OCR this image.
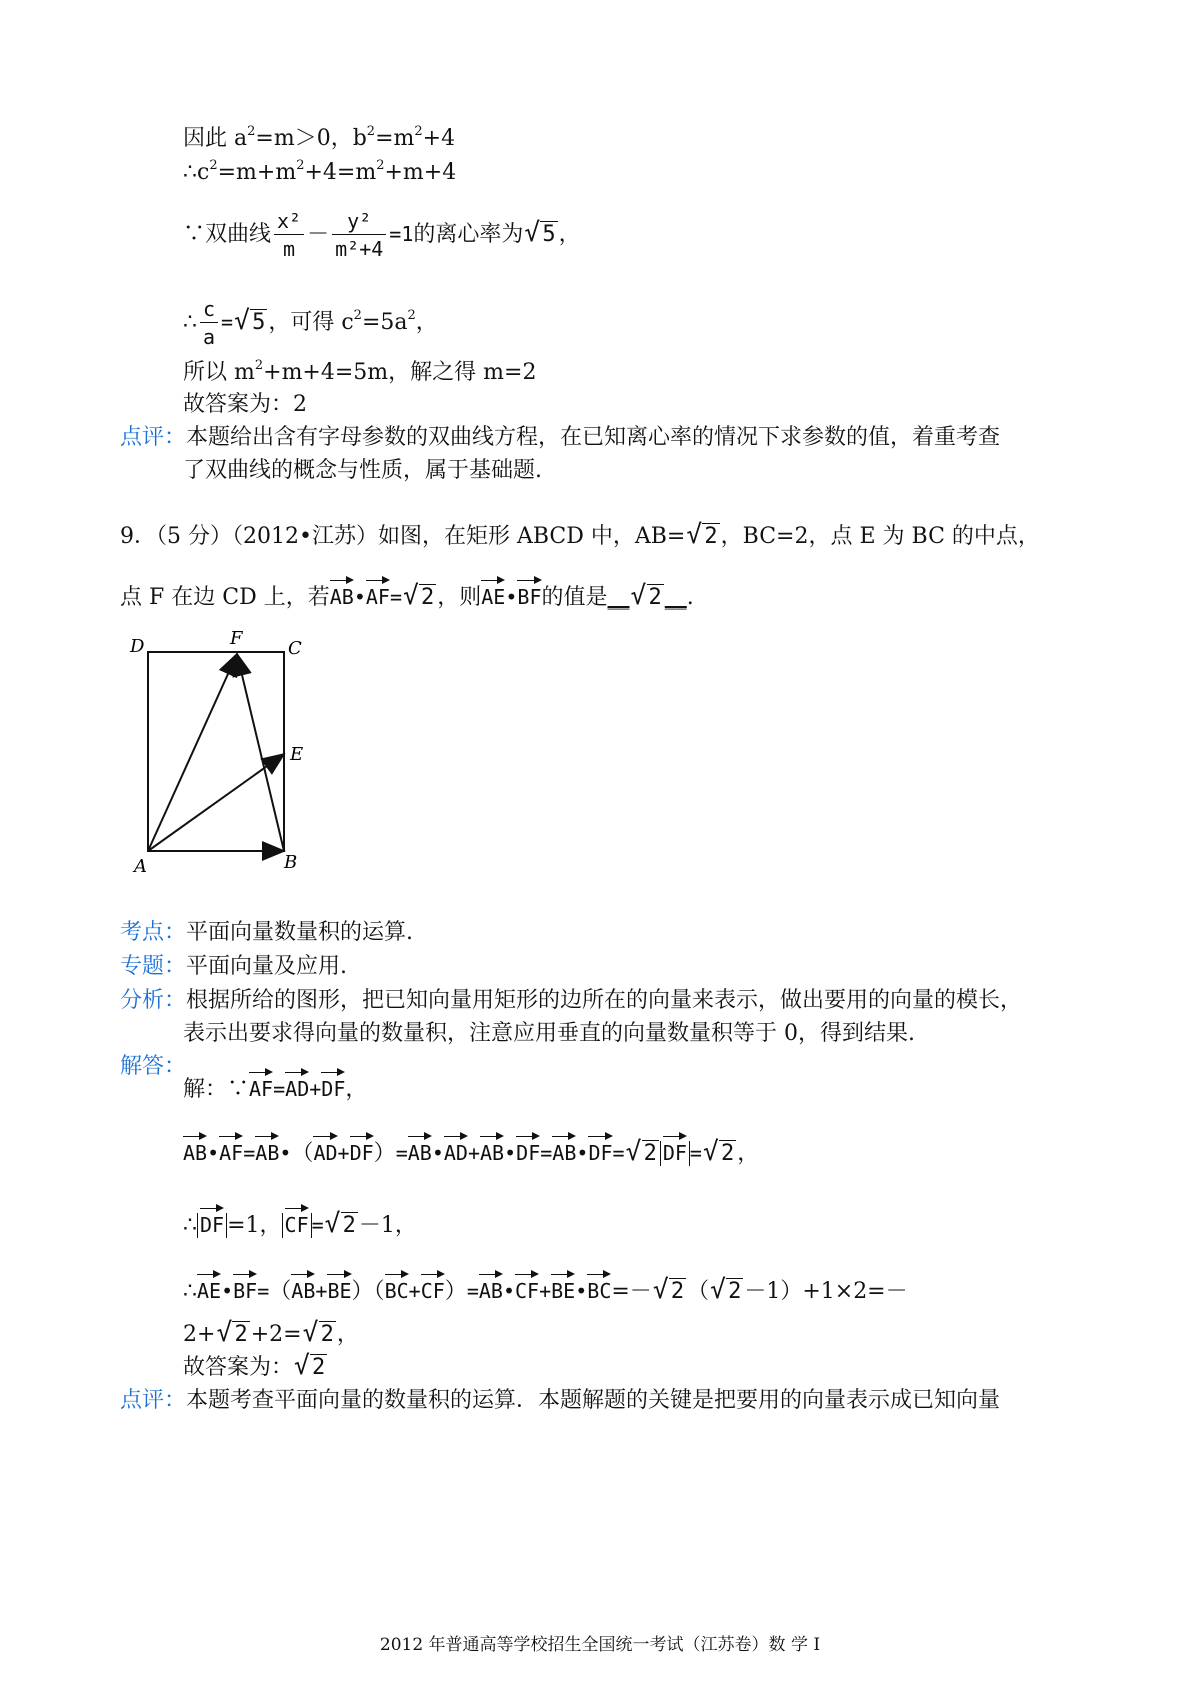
因此 $a^2=m>0$，$b^2=m^2+4$
$\therefore c^2=m+m^2+4=m^2+m+4$
∵双曲线 $\frac{\text{x²}}{m} - \frac{\text{y²}}{\text{m²+4}} =1$的离心率为 √ 5 ，
∴ $\frac{c}{a}$ = √ 5 ，可得 $c^2=5a^2$，
所以 $m^2+m+4=5m$，解之得 m=2
故答案为：2
点评：本题给出含有字母参数的双曲线方程，在已知离心率的情况下求参数的值，着重考查
了双曲线的概念与性质，属于基础题.
9．（5 分）（2012•江苏）如图，在矩形 ABCD 中，AB= √ 2 ，BC=2，点 E 为 BC 的中点，
点 F 在边 CD 上，若AB•AF= √ 2 ，则AE•BF的值是__ √ 2 __.
D	F	C
E
A	B
考点：平面向量数量积的运算.
专题：平面向量及应用.
分析：根据所给的图形，把已知向量用矩形的边所在的向量来表示，做出要用的向量的模长，
表示出要求得向量的数量积，注意应用垂直的向量数量积等于 0，得到结果.
解答：
解：∵AF=AD+DF，
AB•AF=AB•（AD+DF）=AB•AD+AB•DF=AB•DF= √ 2 DF = √ 2 ，
∴ DF =1， CF = √ 2 －1，
∴AE•BF=（AB+BE）（BC+CF）=AB•CF+BE•BC=－ √ 2 （ √ 2 －1）+1×2=－
2+ √ 2 +2= √ 2 ，
故答案为： √ 2
点评：本题考查平面向量的数量积的运算．本题解题的关键是把要用的向量表示成已知向量
2012 年普通高等学校招生全国统一考试（江苏卷）数 学 I
